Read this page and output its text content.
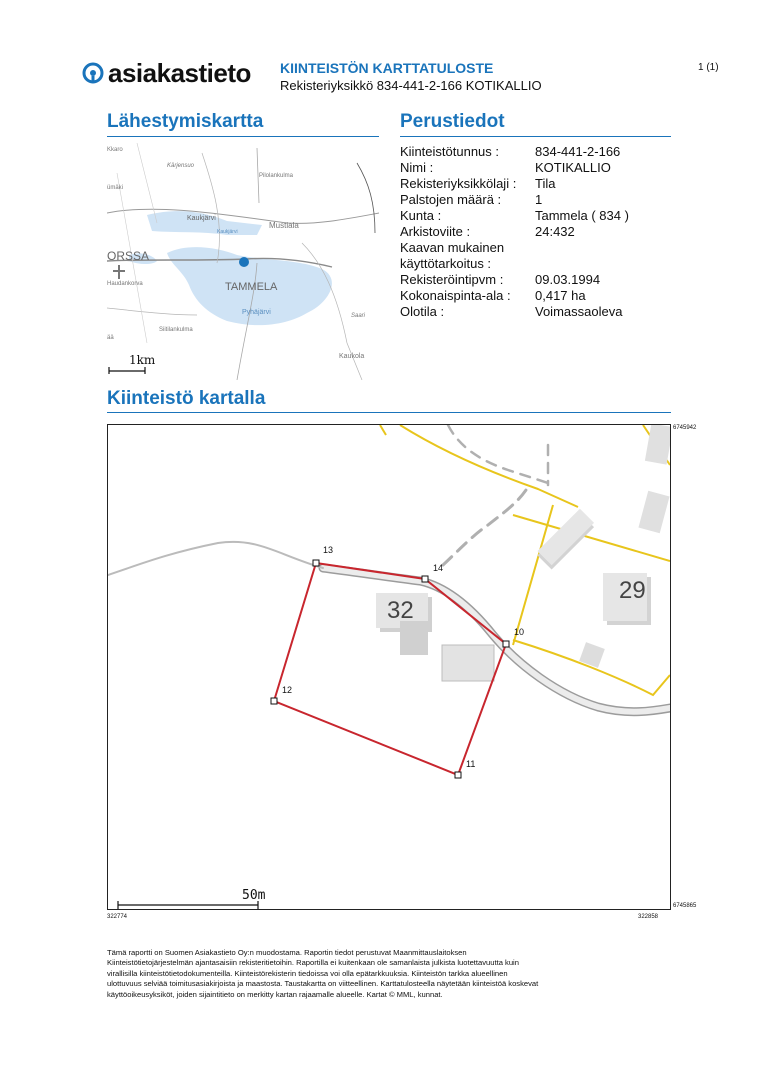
asiakastieto KIINTEISTÖN KARTTATULOSTE
Rekisteriyksikkö 834-441-2-166 KOTIKALLIO
1 (1)
Lähestymiskartta	Perustiedot
Kkaro
Kärjensuo
Pilolankulma
ümäki
Kaukjärvi
Kaukjärvi
Mustiala
ORSSA
Haudankorva	TAMMELA
Pyhäjärvi	Saari
Siitilankulma
ää
Kaukola
1km
Kiinteistötunnus :	834-441-2-166
Nimi :	KOTIKALLIO
Rekisteriyksikkölaji :	Tila
Palstojen määrä :	1
Kunta :	Tammela ( 834 )
Arkistoviite :	24:432
Kaavan mukainen
käyttötarkoitus :
Rekisteröintipvm :	09.03.1994
Kokonaispinta-ala :	0,417 ha
Olotila :	Voimassaoleva
Kiinteistö kartalla
13
14
10
11
12
32
29
50m
6745942
6745865
322774	322858
Tämä raportti on Suomen Asiakastieto Oy:n muodostama. Raportin tiedot perustuvat Maanmittauslaitoksen
Kiinteistötietojärjestelmän ajantasaisiin rekisteritietoihin. Raportilla ei kuitenkaan ole samanlaista julkista luotettavuutta kuin
virallisilla kiinteistötietodokumenteilla. Kiinteistörekisterin tiedoissa voi olla epätarkkuuksia. Kiinteistön tarkka alueellinen
ulottuvuus selviää toimitusasiakirjoista ja maastosta. Taustakartta on viitteellinen. Karttatulosteella näytetään kiinteistöä koskevat
käyttöoikeusyksiköt, joiden sijaintitieto on merkitty kartan rajaamalle alueelle. Kartat © MML, kunnat.
